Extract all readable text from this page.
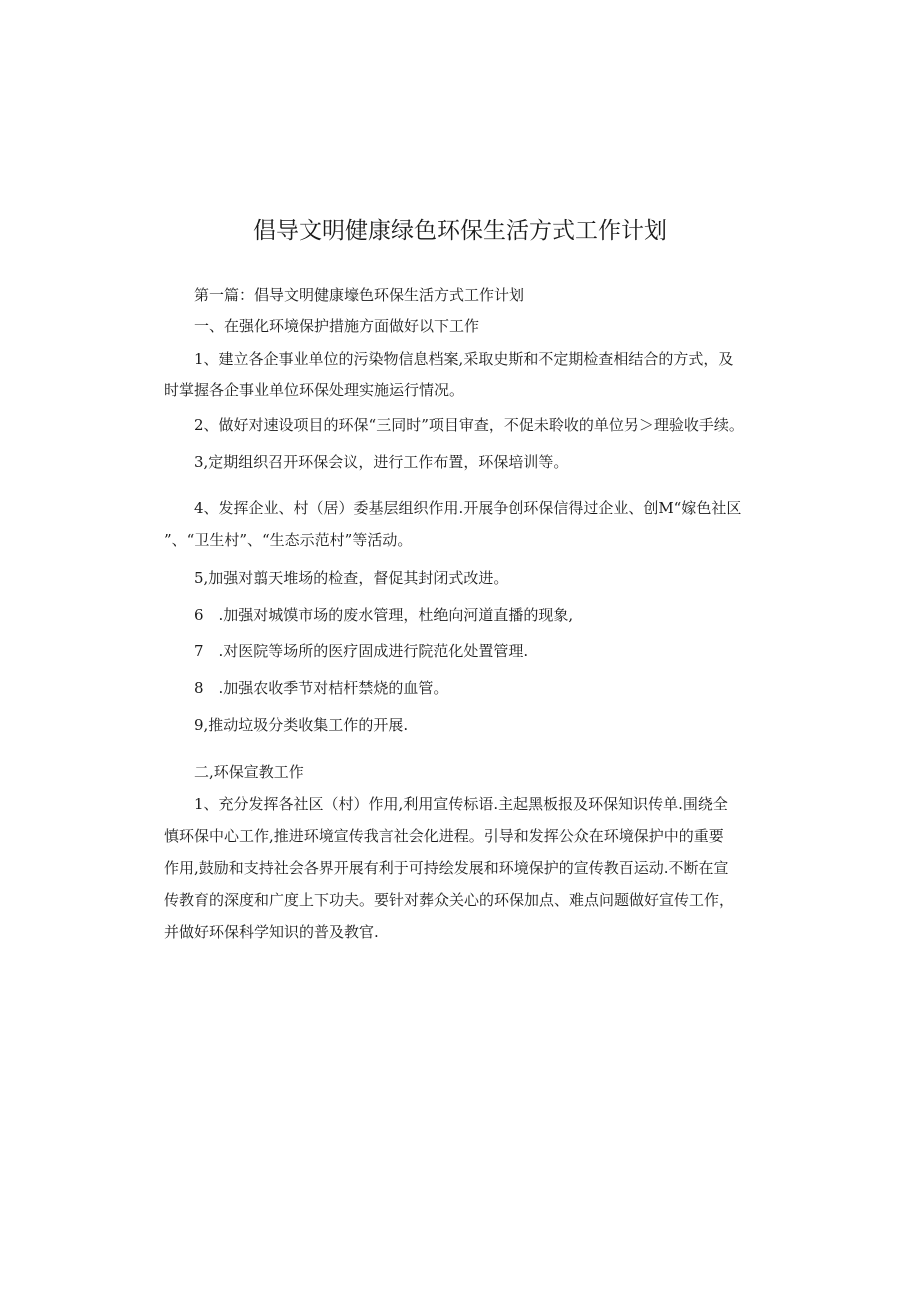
倡导文明健康绿色环保生活方式工作计划
第一篇：倡导文明健康壕色环保生活方式工作计划
一、在强化环境保护措施方面做好以下工作
1、建立各企事业单位的污染物信息档案,采取史斯和不定期检查相结合的方式，及
时掌握各企事业单位环保处理实施运行情况。
2、做好对速设项目的环保“三同时”项目审查，不促未聆收的单位另＞理验收手续。
3,定期组织召开环保会议，进行工作布置，环保培训等。
4、发挥企业、村（居）委基层组织作用.开展争创环保信得过企业、创M“嫁色社区
”、“卫生村”、“生态示范村”等活动。
5,加强对翦天堆场的检查，督促其封闭式改进。
6　.加强对城馍市场的废水管理，杜绝向河道直播的现象,
7　.对医院等场所的医疗固成进行院范化处置管理.
8　.加强农收季节对桔杆禁烧的血管。
9,推动垃圾分类收集工作的开展.
二,环保宣教工作
1、充分发挥各社区（村）作用,利用宣传标语.主起黑板报及环保知识传单.围绕全
慎环保中心工作,推进环境宣传我言社会化进程。引导和发挥公众在环境保护中的重要
作用,鼓励和支持社会各界开展有利于可持绘发展和环境保护的宣传教百运动.不断在宣
传教育的深度和广度上下功夫。要针对葬众关心的环保加点、难点问题做好宣传工作，
并做好环保科学知识的普及教官.
